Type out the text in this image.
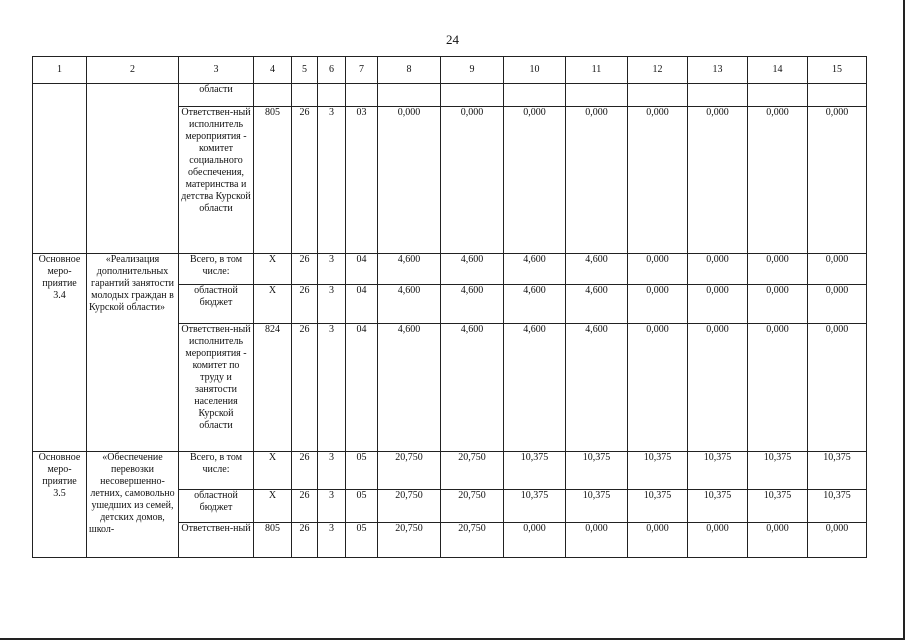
24
1	2	3	4	5	6	7	8	9	10	11	12	13	14	15
		области												
		Ответствен-ный исполнитель мероприятия - комитет социального обеспечения, материнства и детства Курской области	805	26	3	03	0,000	0,000	0,000	0,000	0,000	0,000	0,000	0,000
Основное меро-приятие 3.4	«Реализация дополнительных гарантий занятости молодых граждан в Курской области»	Всего, в том числе:	Х	26	3	04	4,600	4,600	4,600	4,600	0,000	0,000	0,000	0,000
		областной бюджет	Х	26	3	04	4,600	4,600	4,600	4,600	0,000	0,000	0,000	0,000
		Ответствен-ный исполнитель мероприятия - комитет по труду и занятости населения Курской области	824	26	3	04	4,600	4,600	4,600	4,600	0,000	0,000	0,000	0,000
Основное меро-приятие 3.5	«Обеспечение перевозки несовершенно-летних, самовольно ушедших из семей, детских домов, школ-	Всего, в том числе:	Х	26	3	05	20,750	20,750	10,375	10,375	10,375	10,375	10,375	10,375
		областной бюджет	Х	26	3	05	20,750	20,750	10,375	10,375	10,375	10,375	10,375	10,375
		Ответствен-ный	805	26	3	05	20,750	20,750	0,000	0,000	0,000	0,000	0,000	0,000
